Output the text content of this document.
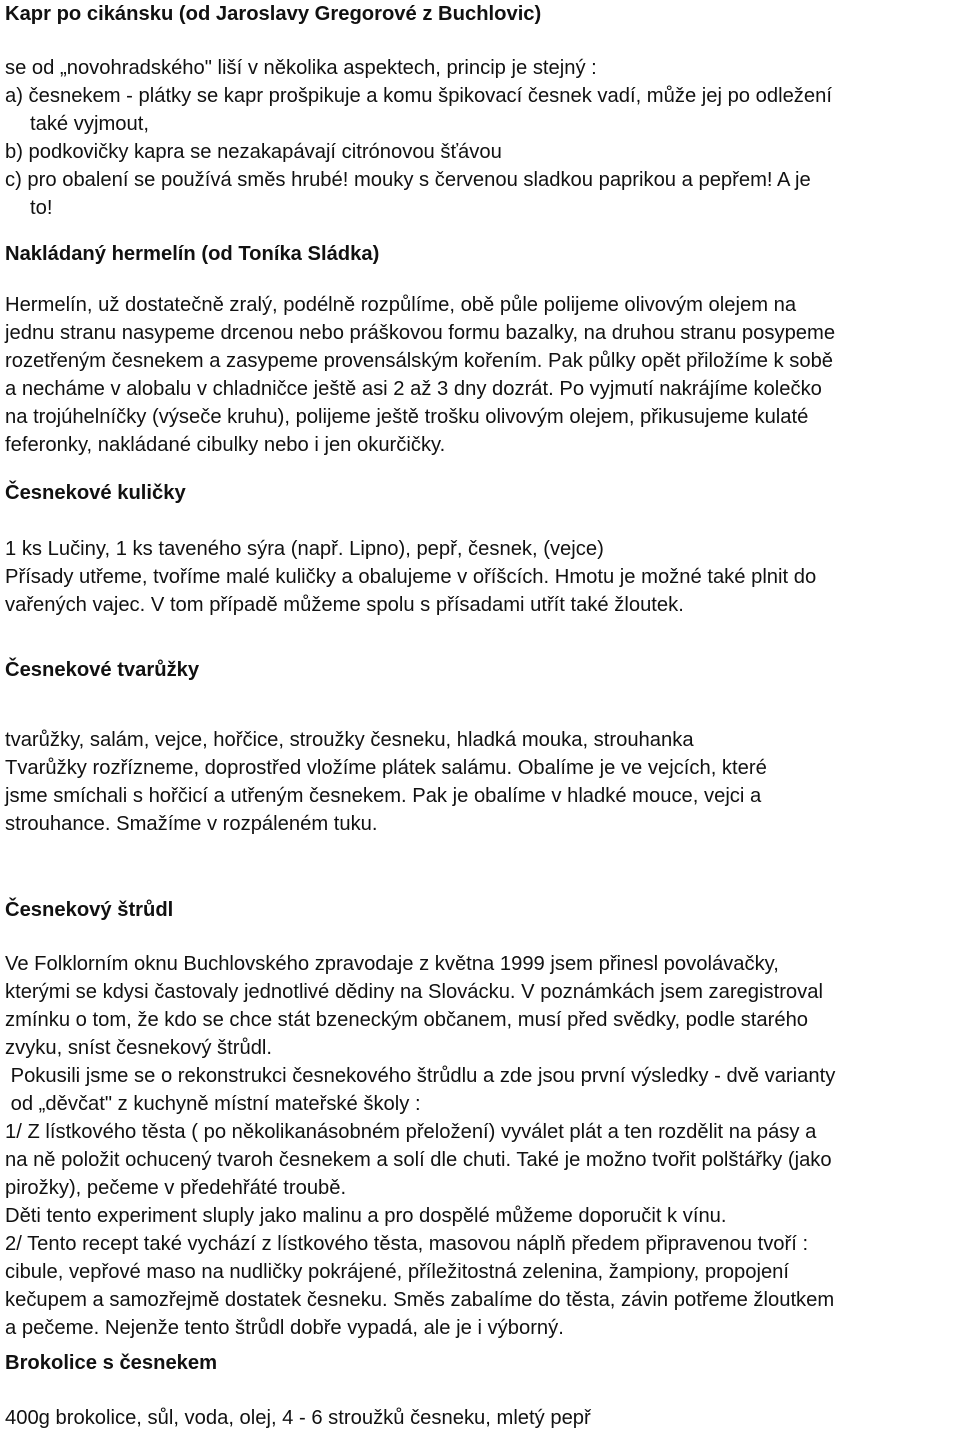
Kapr po cikánsku (od Jaroslavy Gregorové z Buchlovic)
se od „novohradského" liší v několika aspektech, princip je stejný :
a) česnekem - plátky se kapr prošpikuje a komu špikovací česnek vadí, může jej po odležení
také vyjmout,
b) podkovičky kapra se nezakapávají citrónovou šťávou
c) pro obalení se používá směs hrubé! mouky s červenou sladkou paprikou a pepřem! A je
to!
Nakládaný hermelín (od Toníka Sládka)
Hermelín, už dostatečně zralý, podélně rozpůlíme, obě půle polijeme olivovým olejem na
jednu stranu nasypeme drcenou nebo práškovou formu bazalky, na druhou stranu posypeme
rozetřeným česnekem a zasypeme provensálským kořením. Pak půlky opět přiložíme k sobě
a necháme v alobalu v chladničce ještě asi 2 až 3 dny dozrát. Po vyjmutí nakrájíme kolečko
na trojúhelníčky (výseče kruhu), polijeme ještě trošku olivovým olejem, přikusujeme kulaté
feferonky, nakládané cibulky nebo i jen okurčičky.
Česnekové kuličky
1 ks Lučiny, 1 ks taveného sýra (např. Lipno), pepř, česnek, (vejce)
Přísady utřeme, tvoříme malé kuličky a obalujeme v oříšcích. Hmotu je možné také plnit do
vařených vajec. V tom případě můžeme spolu s přísadami utřít také žloutek.
Česnekové tvarůžky
tvarůžky, salám, vejce, hořčice, stroužky česneku, hladká mouka, strouhanka
Tvarůžky rozřízneme, doprostřed vložíme plátek salámu. Obalíme je ve vejcích, které
jsme smíchali s hořčicí a utřeným česnekem. Pak je obalíme v hladké mouce, vejci a
strouhance. Smažíme v rozpáleném tuku.
Česnekový štrůdl
Ve Folklorním oknu Buchlovského zpravodaje z května 1999 jsem přinesl povolávačky,
kterými se kdysi častovaly jednotlivé dědiny na Slovácku. V poznámkách jsem zaregistroval
zmínku o tom, že kdo se chce stát bzeneckým občanem, musí před svědky, podle starého
zvyku, sníst česnekový štrůdl.
Pokusili jsme se o rekonstrukci česnekového štrůdlu a zde jsou první výsledky - dvě varianty
od „děvčat" z kuchyně místní mateřské školy :
1/ Z lístkového těsta ( po několikanásobném přeložení) vyválet plát a ten rozdělit na pásy a
na ně položit ochucený tvaroh česnekem a solí dle chuti. Také je možno tvořit polštářky (jako
pirožky), pečeme v předehřáté troubě.
Děti tento experiment sluply jako malinu a pro dospělé můžeme doporučit k vínu.
2/ Tento recept také vychází z lístkového těsta, masovou náplň předem připravenou tvoří :
cibule, vepřové maso na nudličky pokrájené, příležitostná zelenina, žampiony, propojení
kečupem a samozřejmě dostatek česneku. Směs zabalíme do těsta, závin potřeme žloutkem
a pečeme. Nejenže tento štrůdl dobře vypadá, ale je i výborný.
Brokolice s česnekem
400g brokolice, sůl, voda, olej, 4 - 6 stroužků česneku, mletý pepř
